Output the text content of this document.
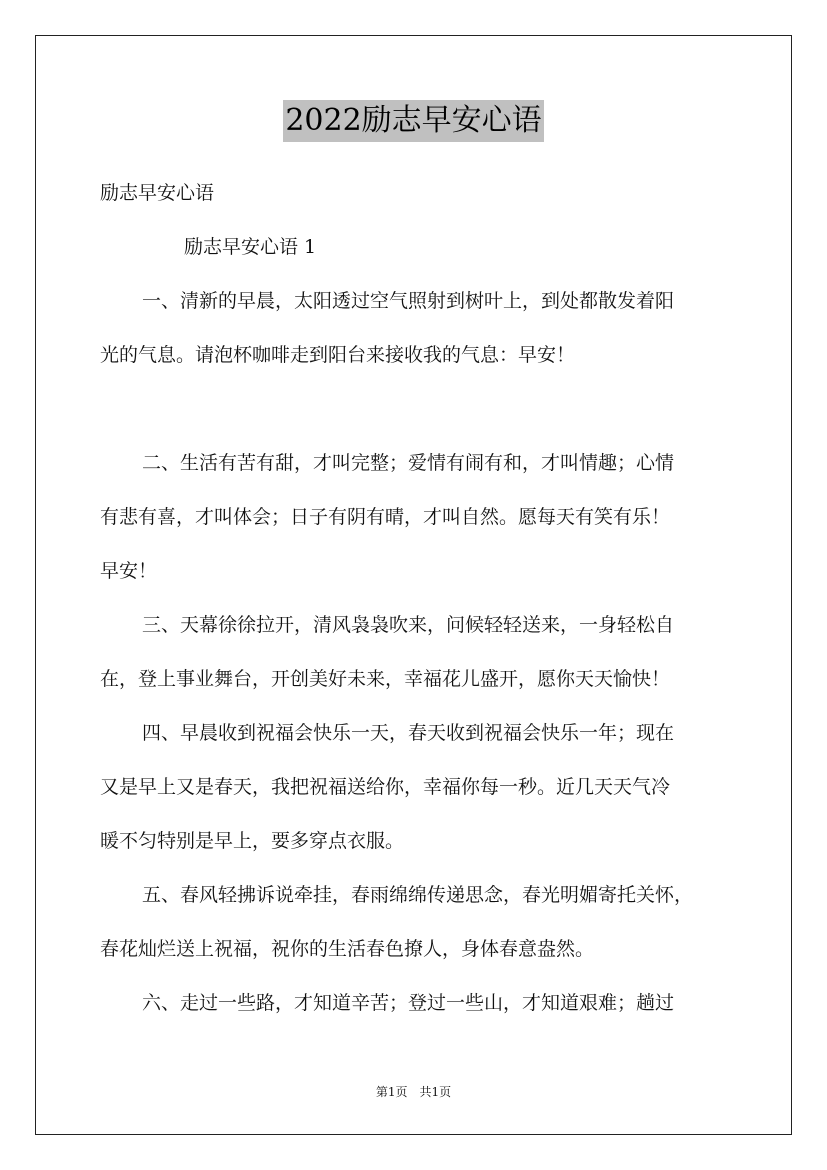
2022励志早安心语
励志早安心语
励志早安心语 1
一、清新的早晨，太阳透过空气照射到树叶上，到处都散发着阳
光的气息。请泡杯咖啡走到阳台来接收我的气息：早安！
二、生活有苦有甜，才叫完整；爱情有闹有和，才叫情趣；心情
有悲有喜，才叫体会；日子有阴有晴，才叫自然。愿每天有笑有乐！
早安！
三、天幕徐徐拉开，清风袅袅吹来，问候轻轻送来，一身轻松自
在，登上事业舞台，开创美好未来，幸福花儿盛开，愿你天天愉快！
四、早晨收到祝福会快乐一天，春天收到祝福会快乐一年；现在
又是早上又是春天，我把祝福送给你，幸福你每一秒。近几天天气冷
暖不匀特别是早上，要多穿点衣服。
五、春风轻拂诉说牵挂，春雨绵绵传递思念，春光明媚寄托关怀，
春花灿烂送上祝福，祝你的生活春色撩人，身体春意盎然。
六、走过一些路，才知道辛苦；登过一些山，才知道艰难；趟过
第1页 共1页
